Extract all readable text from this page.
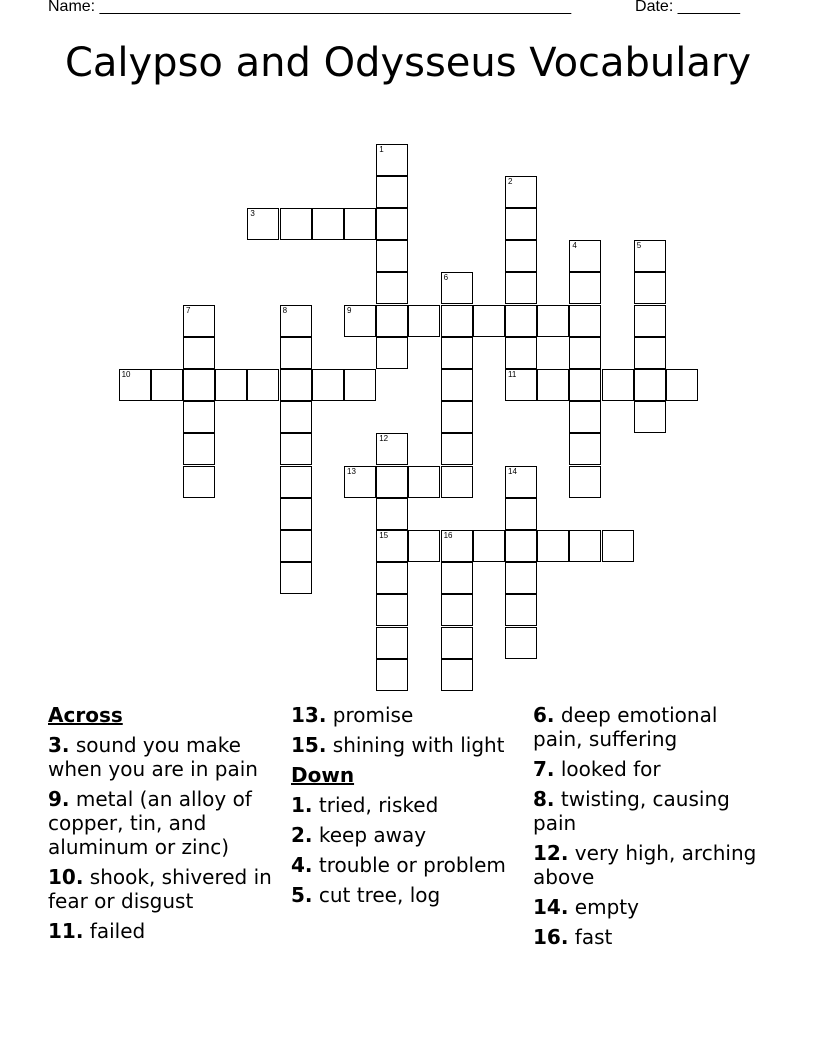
Name: _____________________________________________________	Date: _______
Calypso and Odysseus Vocabulary
1
2
11
3
4	5
6
7	8	9
10
12
15
13	14
16
Across
3. sound you make when you are in pain
9. metal (an alloy of copper, tin, and aluminum or zinc)
10. shook, shivered in fear or disgust
11. failed
13. promise
15. shining with light
Down
1. tried, risked
2. keep away
4. trouble or problem
5. cut tree, log
6. deep emotional pain, suffering
7. looked for
8. twisting, causing pain
12. very high, arching above
14. empty
16. fast
